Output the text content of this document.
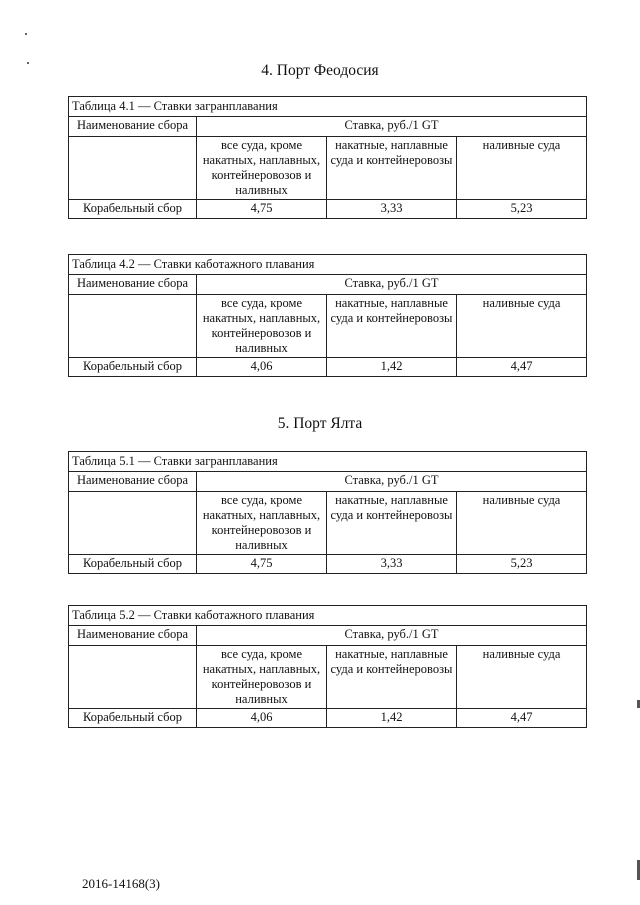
4. Порт Феодосия
Таблица 4.1 — Ставки загранплавания			
Наименование сбора	Ставка, руб./1 GT		
	все суда, кроме накатных, наплавных, контейнеровозов и наливных	накатные, наплавные суда и контейнеровозы	наливные суда
Корабельный сбор	4,75	3,33	5,23
Таблица 4.2 — Ставки каботажного плавания			
Наименование сбора	Ставка, руб./1 GT		
	все суда, кроме накатных, наплавных, контейнеровозов и наливных	накатные, наплавные суда и контейнеровозы	наливные суда
Корабельный сбор	4,06	1,42	4,47
5. Порт Ялта
Таблица 5.1 — Ставки загранплавания			
Наименование сбора	Ставка, руб./1 GT		
	все суда, кроме накатных, наплавных, контейнеровозов и наливных	накатные, наплавные суда и контейнеровозы	наливные суда
Корабельный сбор	4,75	3,33	5,23
Таблица 5.2 — Ставки каботажного плавания			
Наименование сбора	Ставка, руб./1 GT		
	все суда, кроме накатных, наплавных, контейнеровозов и наливных	накатные, наплавные суда и контейнеровозы	наливные суда
Корабельный сбор	4,06	1,42	4,47
2016-14168(3)
